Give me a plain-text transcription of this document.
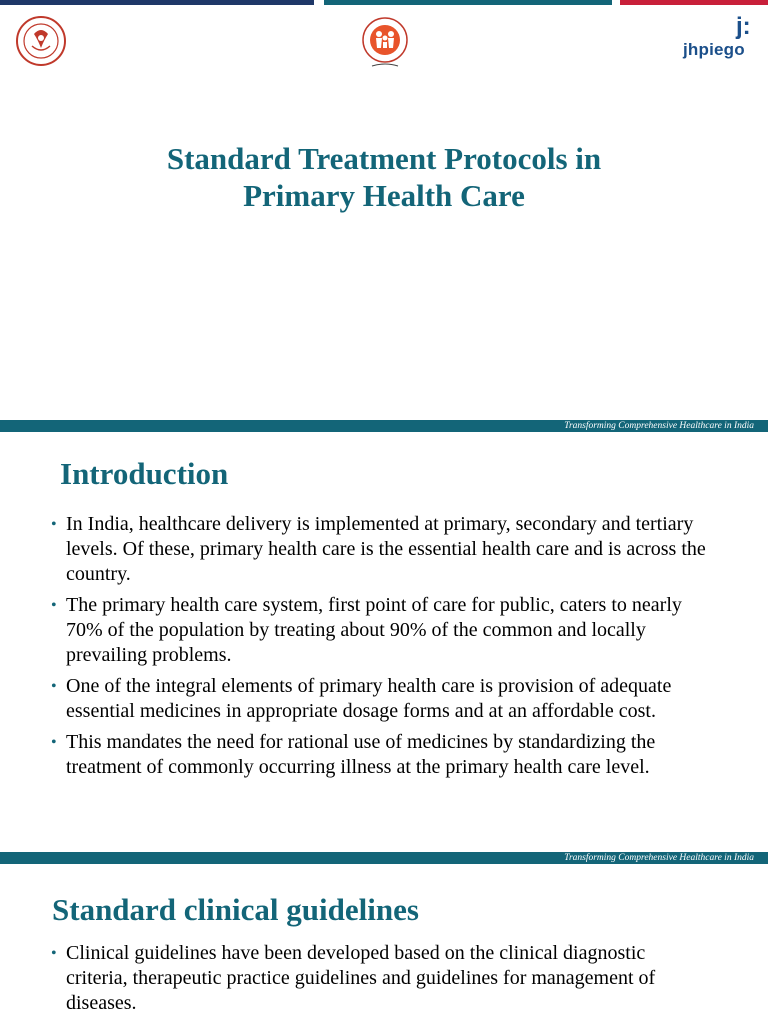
j:
jhpiego
Standard Treatment Protocols in
Primary Health Care
Transforming Comprehensive Healthcare in India
Introduction
• In India, healthcare delivery is implemented at primary, secondary and tertiary levels. Of these, primary health care is the essential health care and is across the country.
• The primary health care system, first point of care for public, caters to nearly 70% of the population by treating about 90% of the common and locally prevailing problems.
• One of the integral elements of primary health care is provision of adequate essential medicines in appropriate dosage forms and at an affordable cost.
• This mandates the need for rational use of medicines by standardizing the treatment of commonly occurring illness at the primary health care level.
Transforming Comprehensive Healthcare in India
Standard clinical guidelines
• Clinical guidelines have been developed based on the clinical diagnostic criteria, therapeutic practice guidelines and guidelines for management of diseases.
